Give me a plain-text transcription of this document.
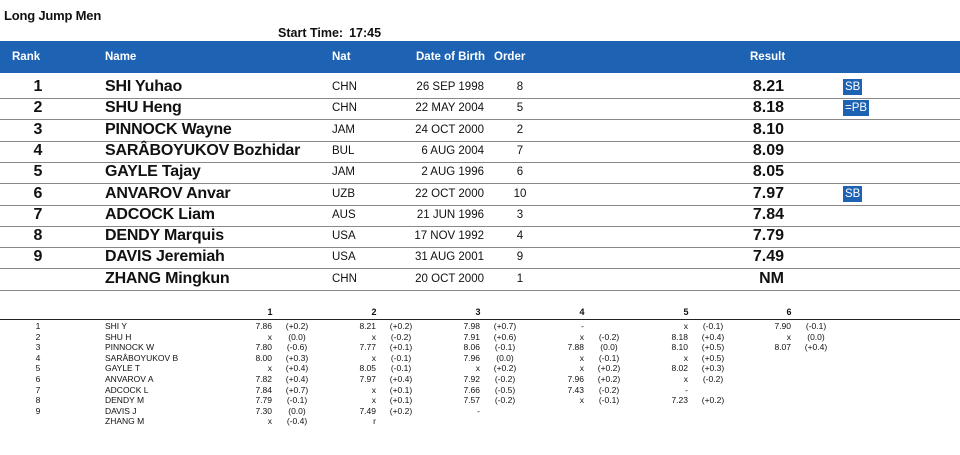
Long Jump Men
Start Time: 17:45
Rank	Name	Nat	Date of Birth Order	Result
1	SHI Yuhao	CHN	26 SEP 1998	8	8.21	SB
2	SHU Heng	CHN	22 MAY 2004	5	8.18	=PB
3	PINNOCK Wayne	JAM	24 OCT 2000	2	8.10
4	SARÂBOYUKOV Bozhidar	BUL	6 AUG 2004	7	8.09
5	GAYLE Tajay	JAM	2 AUG 1996	6	8.05
6	ANVAROV Anvar	UZB	22 OCT 2000	10	7.97	SB
7	ADCOCK Liam	AUS	21 JUN 1996	3	7.84
8	DENDY Marquis	USA	17 NOV 1992	4	7.79
9	DAVIS Jeremiah	USA	31 AUG 2001	9	7.49
ZHANG Mingkun	CHN	20 OCT 2000	1	NM
1	2	3	4	5	6
1	SHI Y	7.86	(+0.2)	8.21	(+0.2)	7.98	(+0.7)	-	x	(-0.1)	7.90	(-0.1)
2	SHU H	x	(0.0)	x	(-0.2)	7.91	(+0.6)	x	(-0.2)	8.18	(+0.4)	x	(0.0)
3	PINNOCK W	7.80	(-0.6)	7.77	(+0.1)	8.06	(-0.1)	7.88	(0.0)	8.10	(+0.5)	8.07	(+0.4)
4	SARÂBOYUKOV B	8.00	(+0.3)	x	(-0.1)	7.96	(0.0)	x	(-0.1)	x	(+0.5)
5	GAYLE T	x	(+0.4)	8.05	(-0.1)	x	(+0.2)	x	(+0.2)	8.02	(+0.3)
6	ANVAROV A	7.82	(+0.4)	7.97	(+0.4)	7.92	(-0.2)	7.96	(+0.2)	x	(-0.2)
7	ADCOCK L	7.84	(+0.7)	x	(+0.1)	7.66	(-0.5)	7.43	(-0.2)	-
8	DENDY M	7.79	(-0.1)	x	(+0.1)	7.57	(-0.2)	x	(-0.1)	7.23	(+0.2)
9	DAVIS J	7.30	(0.0)	7.49	(+0.2)	-
ZHANG M	x	(-0.4)	r
